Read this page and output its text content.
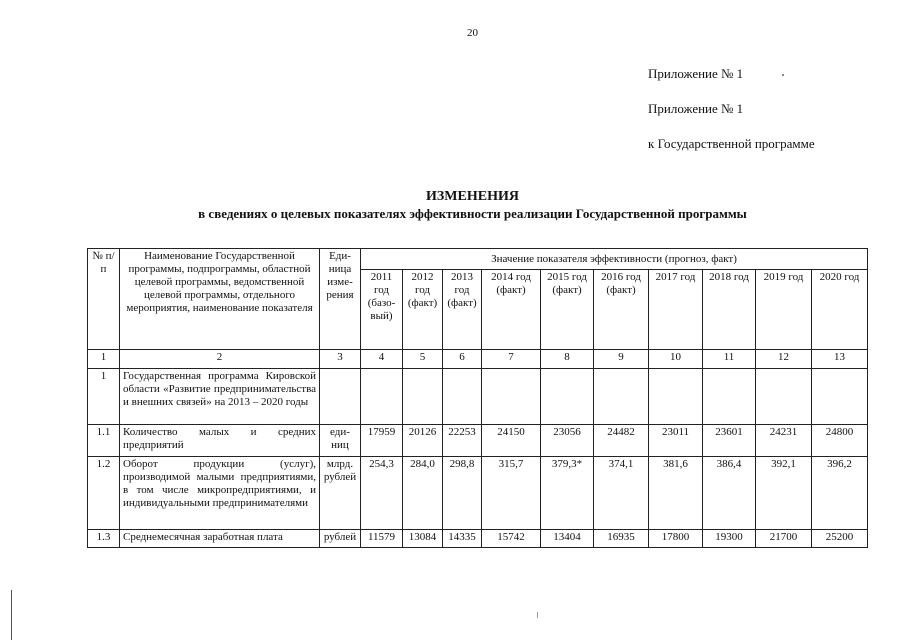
20
Приложение № 1
Приложение № 1
к Государственной программе
ИЗМЕНЕНИЯ
в сведениях о целевых показателях эффективности реализации Государственной программы
№ п/п	Наименование Государственной программы, подпрограммы, областной целевой программы, ведомственной целевой программы, отдельного мероприятия, наименование показателя	Еди-ница изме-рения	Значение показателя эффективности (прогноз, факт)									
			2011 год (базо-вый)	2012 год (факт)	2013 год (факт)	2014 год (факт)	2015 год (факт)	2016 год (факт)	2017 год	2018 год	2019 год	2020 год
1	2	3	4	5	6	7	8	9	10	11	12	13
1	Государственная программа Кировской области «Развитие предпринимательства и внешних связей» на 2013 – 2020 годы											
1.1	Количество малых и средних предприятий	еди-ниц	17959	20126	22253	24150	23056	24482	23011	23601	24231	24800
1.2	Оборот продукции (услуг), производимой малыми предприятиями, в том числе микропредприятиями, и индивидуальными предпринимателями	млрд. рублей	254,3	284,0	298,8	315,7	379,3*	374,1	381,6	386,4	392,1	396,2
1.3	Среднемесячная заработная плата	рублей	11579	13084	14335	15742	13404	16935	17800	19300	21700	25200
